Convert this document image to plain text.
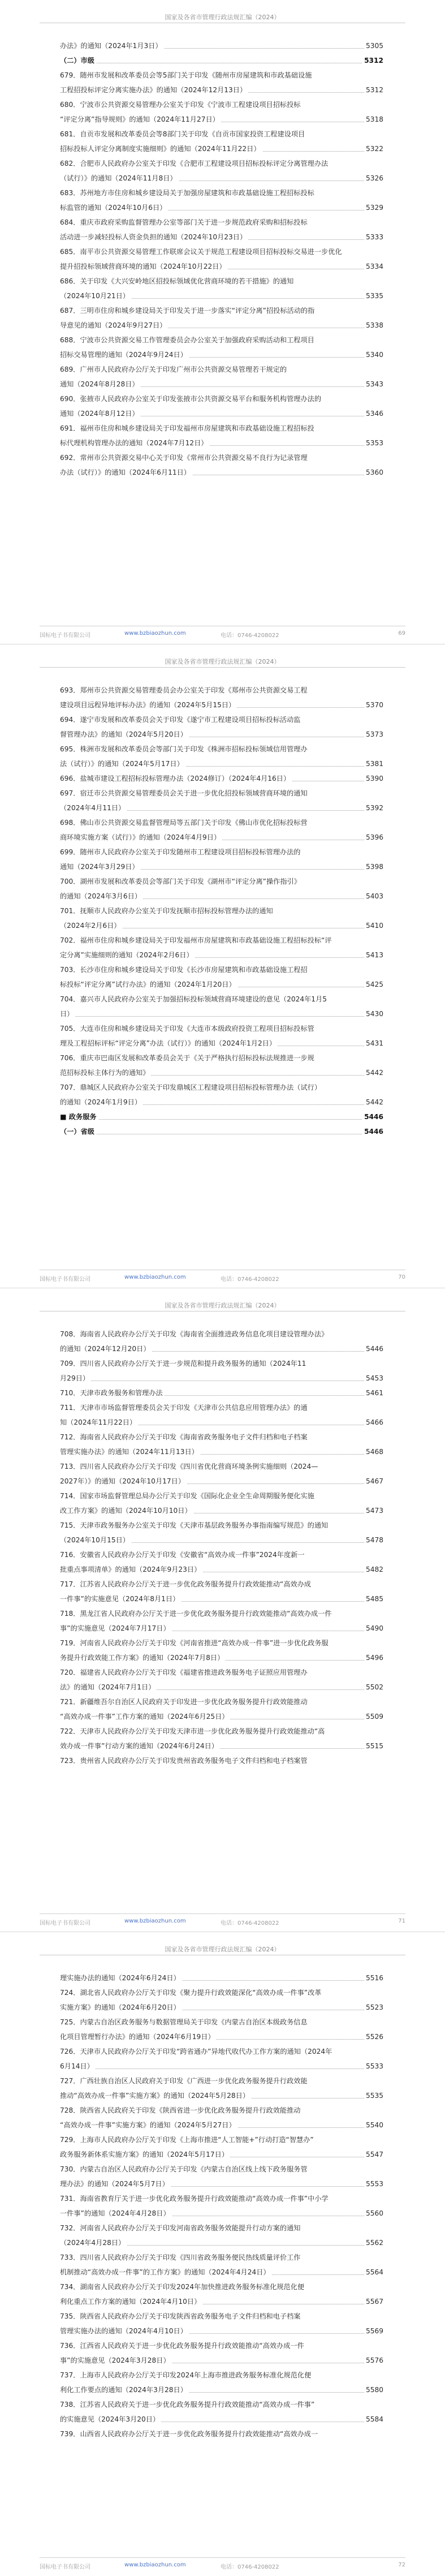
国家及各省市管理行政法规汇编（2024）
办法》的通知（2024年1月3日）	5305
（二）市级	5312
679．随州市发展和改革委员会等5部门关于印发《随州市房屋建筑和市政基础设施
工程招投标评定分离实施办法》的通知（2024年12月13日）	5312
680．宁波市公共资源交易管理办公室关于印发《宁波市工程建设项目招标投标
“评定分离”指导规则》的通知（2024年11月27日）	5318
681．自贡市发展和改革委员会等8部门关于印发《自贡市国家投资工程建设项目
招标投标人评定分离制度实施细则》的通知（2024年11月22日）	5322
682．合肥市人民政府办公室关于印发《合肥市工程建设项目招标投标评定分离管理办法
（试行）》的通知（2024年11月8日）	5326
683．苏州地方市住房和城乡建设局关于加强房屋建筑和市政基础设施工程招标投标
标监管的通知（2024年10月6日）	5329
684．重庆市政府采购监督管理办公室等部门关于进一步规范政府采购和招标投标
活动进一步减轻投标人资金负担的通知（2024年10月23日）	5333
685．南平市公共资源交易管理工作联席会议关于规范工程建设项目招标投标交易进一步优化
提升招投标领域营商环境的通知（2024年10月22日）	5334
686．关于印发《大兴安岭地区招投标领域优化营商环境的若干措施》的通知
（2024年10月21日）	5335
687．三明市住房和城乡建设局关于印发关于进一步落实“评定分离”招投标活动的指
导意见的通知（2024年9月27日）	5338
688．宁波市公共资源交易工作管理委员会办公室关于加强政府采购活动和工程项目
招标交易管理的通知（2024年9月24日）	5340
689．广州市人民政府办公厅关于印发广州市公共资源交易管理若干规定的
通知（2024年8月28日）	5343
690．张掖市人民政府办公室关于印发张掖市公共资源交易平台和服务机构管理办法的
通知（2024年8月12日）	5346
691．福州市住房和城乡建设局关于印发福州市房屋建筑和市政基础设施工程招标投
标代理机构管理办法的通知（2024年7月12日）	5353
692．常州市公共资源交易中心关于印发《常州市公共资源交易不良行为记录管理
办法（试行）》的通知（2024年6月11日）	5360
国标电子书有限公司	www.bzbiaozhun.com	电话：0746-4208022	69
国家及各省市管理行政法规汇编（2024）
693．郑州市公共资源交易管理委员会办公室关于印发《郑州市公共资源交易工程
建设项目远程异地评标办法》的通知（2024年5月15日）	5370
694．遂宁市发展和改革委员会关于印发《遂宁市工程建设项目招标投标活动监
督管理办法》的通知（2024年5月20日）	5373
695．株洲市发展和改革委员会等部门关于印发《株洲市招标投标领域信用管理办
法（试行）》的通知（2024年5月17日）	5381
696．盐城市建设工程招标投标管理办法（2024修订）（2024年4月16日）	5390
697．宿迁市公共资源交易管理委员会关于进一步优化招投标领域营商环境的通知
（2024年4月11日）	5392
698．佛山市公共资源交易监督管理局等五部门关于印发《佛山市优化招标投标营
商环境实施方案（试行）》的通知（2024年4月9日）	5396
699．随州市人民政府办公室关于印发随州市工程建设项目招标投标管理办法的
通知（2024年3月29日）	5398
700．湖州市发展和改革委员会等部门关于印发《湖州市“评定分离”操作指引》
的通知（2024年3月6日）	5403
701．抚顺市人民政府办公室关于印发抚顺市招标投标管理办法的通知
（2024年2月6日）	5410
702．福州市住房和城乡建设局关于印发福州市房屋建筑和市政基础设施工程招标投标“评
定分离”实施细则的通知（2024年2月6日）	5413
703．长沙市住房和城乡建设局关于印发《长沙市房屋建筑和市政基础设施工程招
标投标“评定分离”试行办法》的通知（2024年1月20日）	5425
704．嘉兴市人民政府办公室关于加强招标投标领域营商环境建设的意见（2024年1月5
日）	5430
705．大连市住房和城乡建设局关于印发《大连市本级政府投资工程项目招标投标管
理及工程招标评标“评定分离”办法（试行）》的通知（2024年1月2日）	5431
706．重庆市巴南区发展和改革委员会关于《关于严格执行招标投标法规推进一步规
范招标投标主体行为的通知》	5442
707．鼎城区人民政府办公室关于印发鼎城区工程建设项目招标投标管理办法（试行）
的通知（2024年1月9日）	5442
■ 政务服务	5446
（一）省级	5446
国标电子书有限公司	www.bzbiaozhun.com	电话：0746-4208022	70
国家及各省市管理行政法规汇编（2024）
708．海南省人民政府办公厅关于印发《海南省全面推进政务信息化项目建设管理办法》
的通知（2024年12月20日）	5446
709．四川省人民政府办公厅关于进一步规范和提升政务服务的通知（2024年11
月29日）	5453
710．天津市政务服务和管理办法	5461
711．天津市市场监督管理委员会关于印发《天津市公共信息应用管理办法》的通
知（2024年11月22日）	5466
712．海南省人民政府办公厅关于印发《海南省政务服务电子文件归档和电子档案
管理实施办法》的通知（2024年11月13日）	5468
713．四川省人民政府办公厅关于印发《四川省优化营商环境条例实施细则（2024—
2027年）》的通知（2024年10月17日）	5467
714．国家市场监督管理总局办公厅关于印发《国际化企业全生命周期服务便化实施
改工作方案》的通知（2024年10月10日）	5473
715．天津市政务服务办公室关于印发《天津市基层政务服务办事指南编写规范》的通知
（2024年10月15日）	5478
716．安徽省人民政府办公厅关于印发《安徽省“高效办成一件事”2024年度新一
批重点事项清单》的通知（2024年9月23日）	5482
717．江苏省人民政府办公厅关于进一步优化政务服务提升行政效能推动“高效办成
一件事”的实施意见（2024年8月1日）	5485
718．黑龙江省人民政府办公厅关于进一步优化政务服务提升行政效能推动“高效办成一件
事”的实施意见（2024年7月17日）	5490
719．河南省人民政府办公厅关于印发《河南省推进“高效办成一件事”进一步优化政务服
务提升行政效能工作方案》的通知（2024年7月8日）	5496
720．福建省人民政府办公厅关于印发《福建省推进政务服务电子证照应用管理办
法》的通知（2024年7月1日）	5502
721．新疆维吾尔自治区人民政府关于印发进一步优化政务服务提升行政效能推动
“高效办成一件事”工作方案的通知（2024年6月25日）	5509
722．天津市人民政府办公厅关于印发天津市进一步优化政务服务提升行政效能推动“高
效办成一件事”行动方案的通知（2024年6月24日）	5515
723．贵州省人民政府办公厅关于印发贵州省政务服务电子文件归档和电子档案管
国标电子书有限公司	www.bzbiaozhun.com	电话：0746-4208022	71
国家及各省市管理行政法规汇编（2024）
理实施办法的通知（2024年6月24日）	5516
724．湖北省人民政府办公厅关于印发《聚力提升行政效能深化“高效办成一件事”改革
实施方案》的通知（2024年6月20日）	5523
725．内蒙古自治区政务服务与数据管理局关于印发《内蒙古自治区本级政务信息
化项目管理暂行办法》的通知（2024年6月19日）	5526
726．天津市人民政府办公厅关于印发“跨省通办”异地代收代办工作方案的通知（2024年
6月14日）	5533
727．广西壮族自治区人民政府关于印发《广西进一步优化政务服务提升行政效能
推动“高效办成一件事”实施方案》的通知（2024年5月28日）	5535
728．陕西省人民政府关于印发《陕西省进一步优化政务服务提升行政效能推动
“高效办成一件事”实施方案》的通知（2024年5月27日）	5540
729．上海市人民政府办公厅关于印发《上海市推进“人工智能+”行动打造“智慧办”
政务服务新体系实施方案》的通知（2024年5月17日）	5547
730．内蒙古自治区人民政府办公厅关于印发《内蒙古自治区线上线下政务服务管
理办法》的通知（2024年5月7日）	5553
731．海南省教育厅关于进一步优化政务服务提升行政效能推动“高效办成一件事”中小学
一件事”的通知（2024年4月28日）	5560
732．河南省人民政府办公厅关于印发河南省政务服务效能提升行动方案的通知
（2024年4月28日）	5562
733．四川省人民政府办公厅关于印发《四川省政务服务便民热线质量评价工作
机制推动“高效办成一件事”的工作方案》的通知（2024年4月24日）	5564
734．湖南省人民政府办公厅关于印发2024年加快推进政务服务标准化规范化便
利化重点工作方案的通知（2024年4月10日）	5567
735．陕西省人民政府办公厅关于印发陕西省政务服务电子文件归档和电子档案
管理实施办法的通知（2024年4月10日）	5569
736．江西省人民政府关于进一步优化政务服务提升行政效能推动“高效办成一件
事”的实施意见（2024年3月28日）	5576
737．上海市人民政府办公厅关于印发2024年上海市推进政务服务标准化规范化便
利化工作要点的通知（2024年3月28日）	5580
738．江苏省人民政府关于进一步优化政务服务提升行政效能推动“高效办成一件事”
的实施意见（2024年3月20日）	5584
739．山西省人民政府办公厅关于进一步优化政务服务提升行政效能推动“高效办成一
国标电子书有限公司	www.bzbiaozhun.com	电话：0746-4208022	72
